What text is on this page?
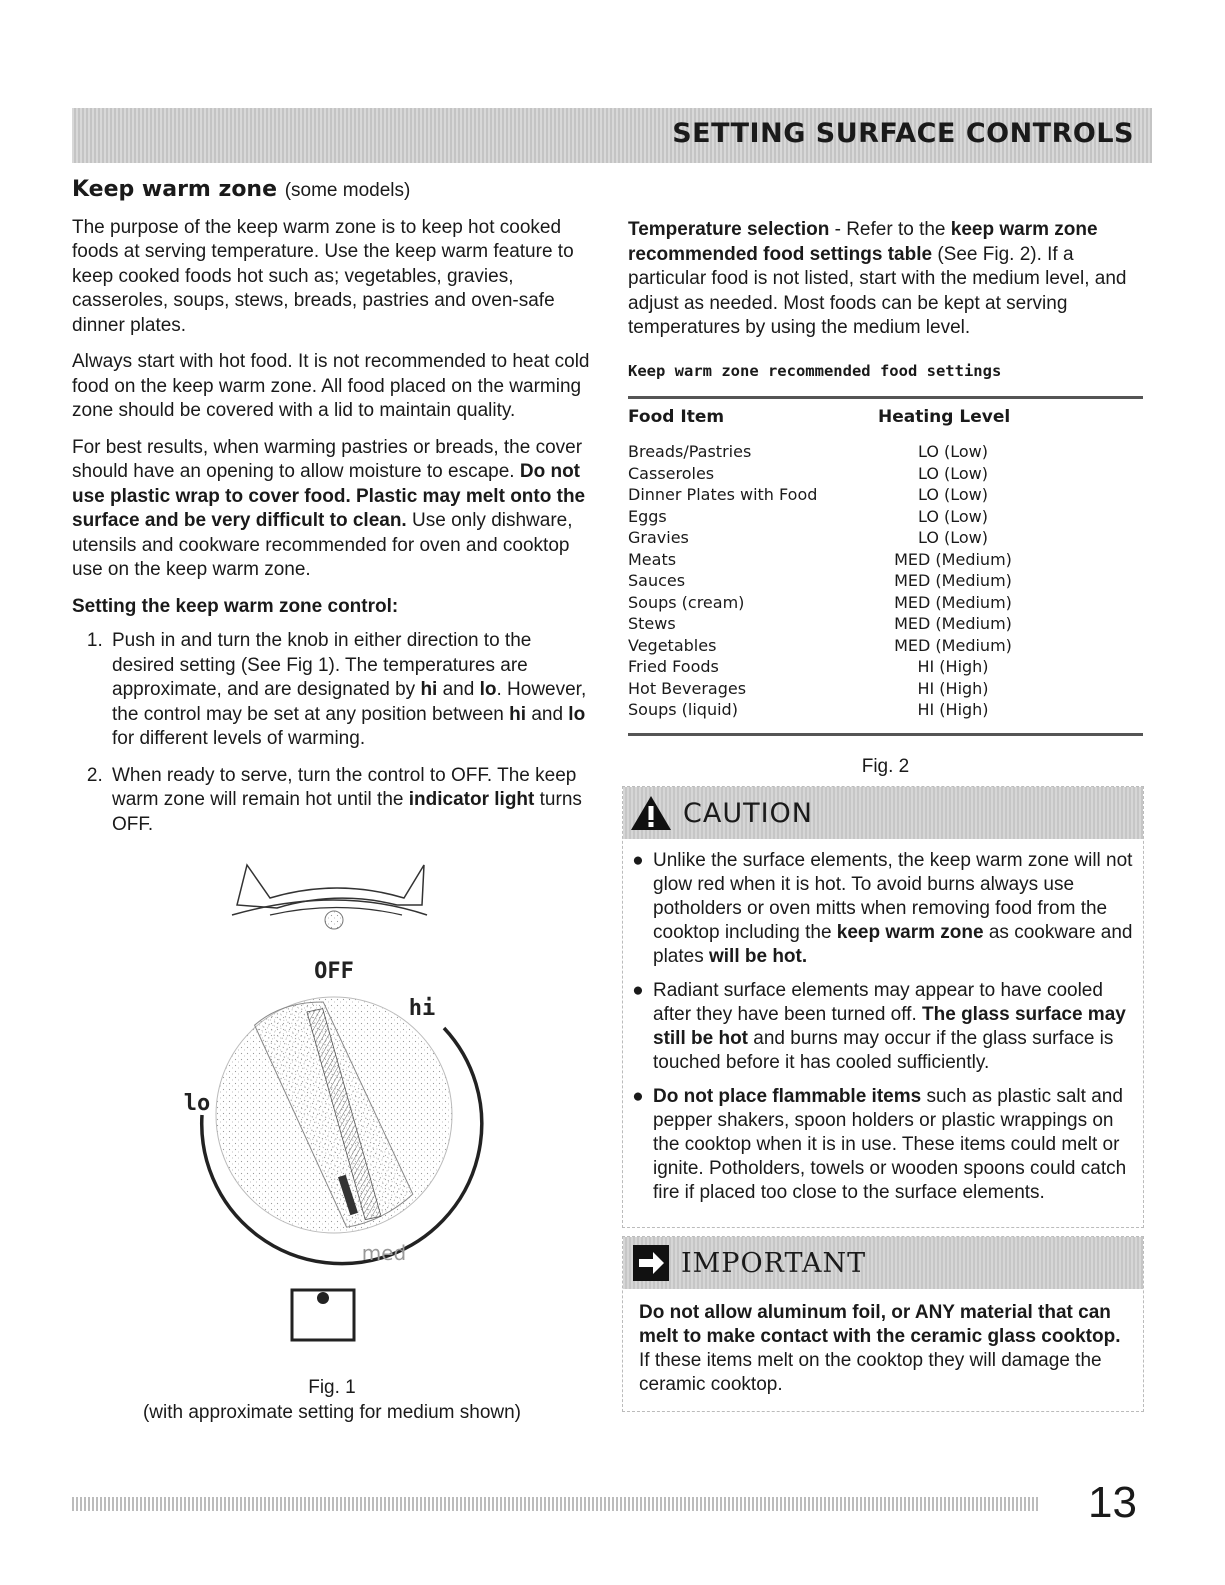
SETTING SURFACE CONTROLS
Keep warm zone (some models)

The purpose of the keep warm zone is to keep hot cooked foods at serving temperature. Use the keep warm feature to keep cooked foods hot such as; vegetables, gravies, casseroles, soups, stews, breads, pastries and oven-safe dinner plates.

Always start with hot food. It is not recommended to heat cold food on the keep warm zone. All food placed on the warming zone should be covered with a lid to maintain quality.

For best results, when warming pastries or breads, the cover should have an opening to allow moisture to escape. Do not use plastic wrap to cover food. Plastic may melt onto the surface and be very difficult to clean. Use only dishware, utensils and cookware recommended for oven and cooktop use on the keep warm zone.

Setting the keep warm zone control:

1. Push in and turn the knob in either direction to the desired setting (See Fig 1). The temperatures are approximate, and are designated by hi and lo. However, the control may be set at any position between hi and lo for different levels of warming.
2. When ready to serve, turn the control to OFF. The keep warm zone will remain hot until the indicator light turns OFF.
OFF
hi
lo
med
Fig. 1
(with approximate setting for medium shown)

Temperature selection - Refer to the keep warm zone recommended food settings table (See Fig. 2). If a particular food is not listed, start with the medium level, and adjust as needed. Most foods can be kept at serving temperatures by using the medium level.

Keep warm zone recommended food settings
Food Item	Heating Level
Breads/Pastries	LO (Low)
Casseroles	LO (Low)
Dinner Plates with Food	LO (Low)
Eggs	LO (Low)
Gravies	LO (Low)
Meats	MED (Medium)
Sauces	MED (Medium)
Soups (cream)	MED (Medium)
Stews	MED (Medium)
Vegetables	MED (Medium)
Fried Foods	HI (High)
Hot Beverages	HI (High)
Soups (liquid)	HI (High)
Fig. 2
CAUTION
● Unlike the surface elements, the keep warm zone will not glow red when it is hot. To avoid burns always use potholders or oven mitts when removing food from the cooktop including the keep warm zone as cookware and plates will be hot.
● Radiant surface elements may appear to have cooled after they have been turned off. The glass surface may still be hot and burns may occur if the glass surface is touched before it has cooled sufficiently.
● Do not place flammable items such as plastic salt and pepper shakers, spoon holders or plastic wrappings on the cooktop when it is in use. These items could melt or ignite. Potholders, towels or wooden spoons could catch fire if placed too close to the surface elements.
IMPORTANT
Do not allow aluminum foil, or ANY material that can melt to make contact with the ceramic glass cooktop. If these items melt on the cooktop they will damage the ceramic cooktop.
13
